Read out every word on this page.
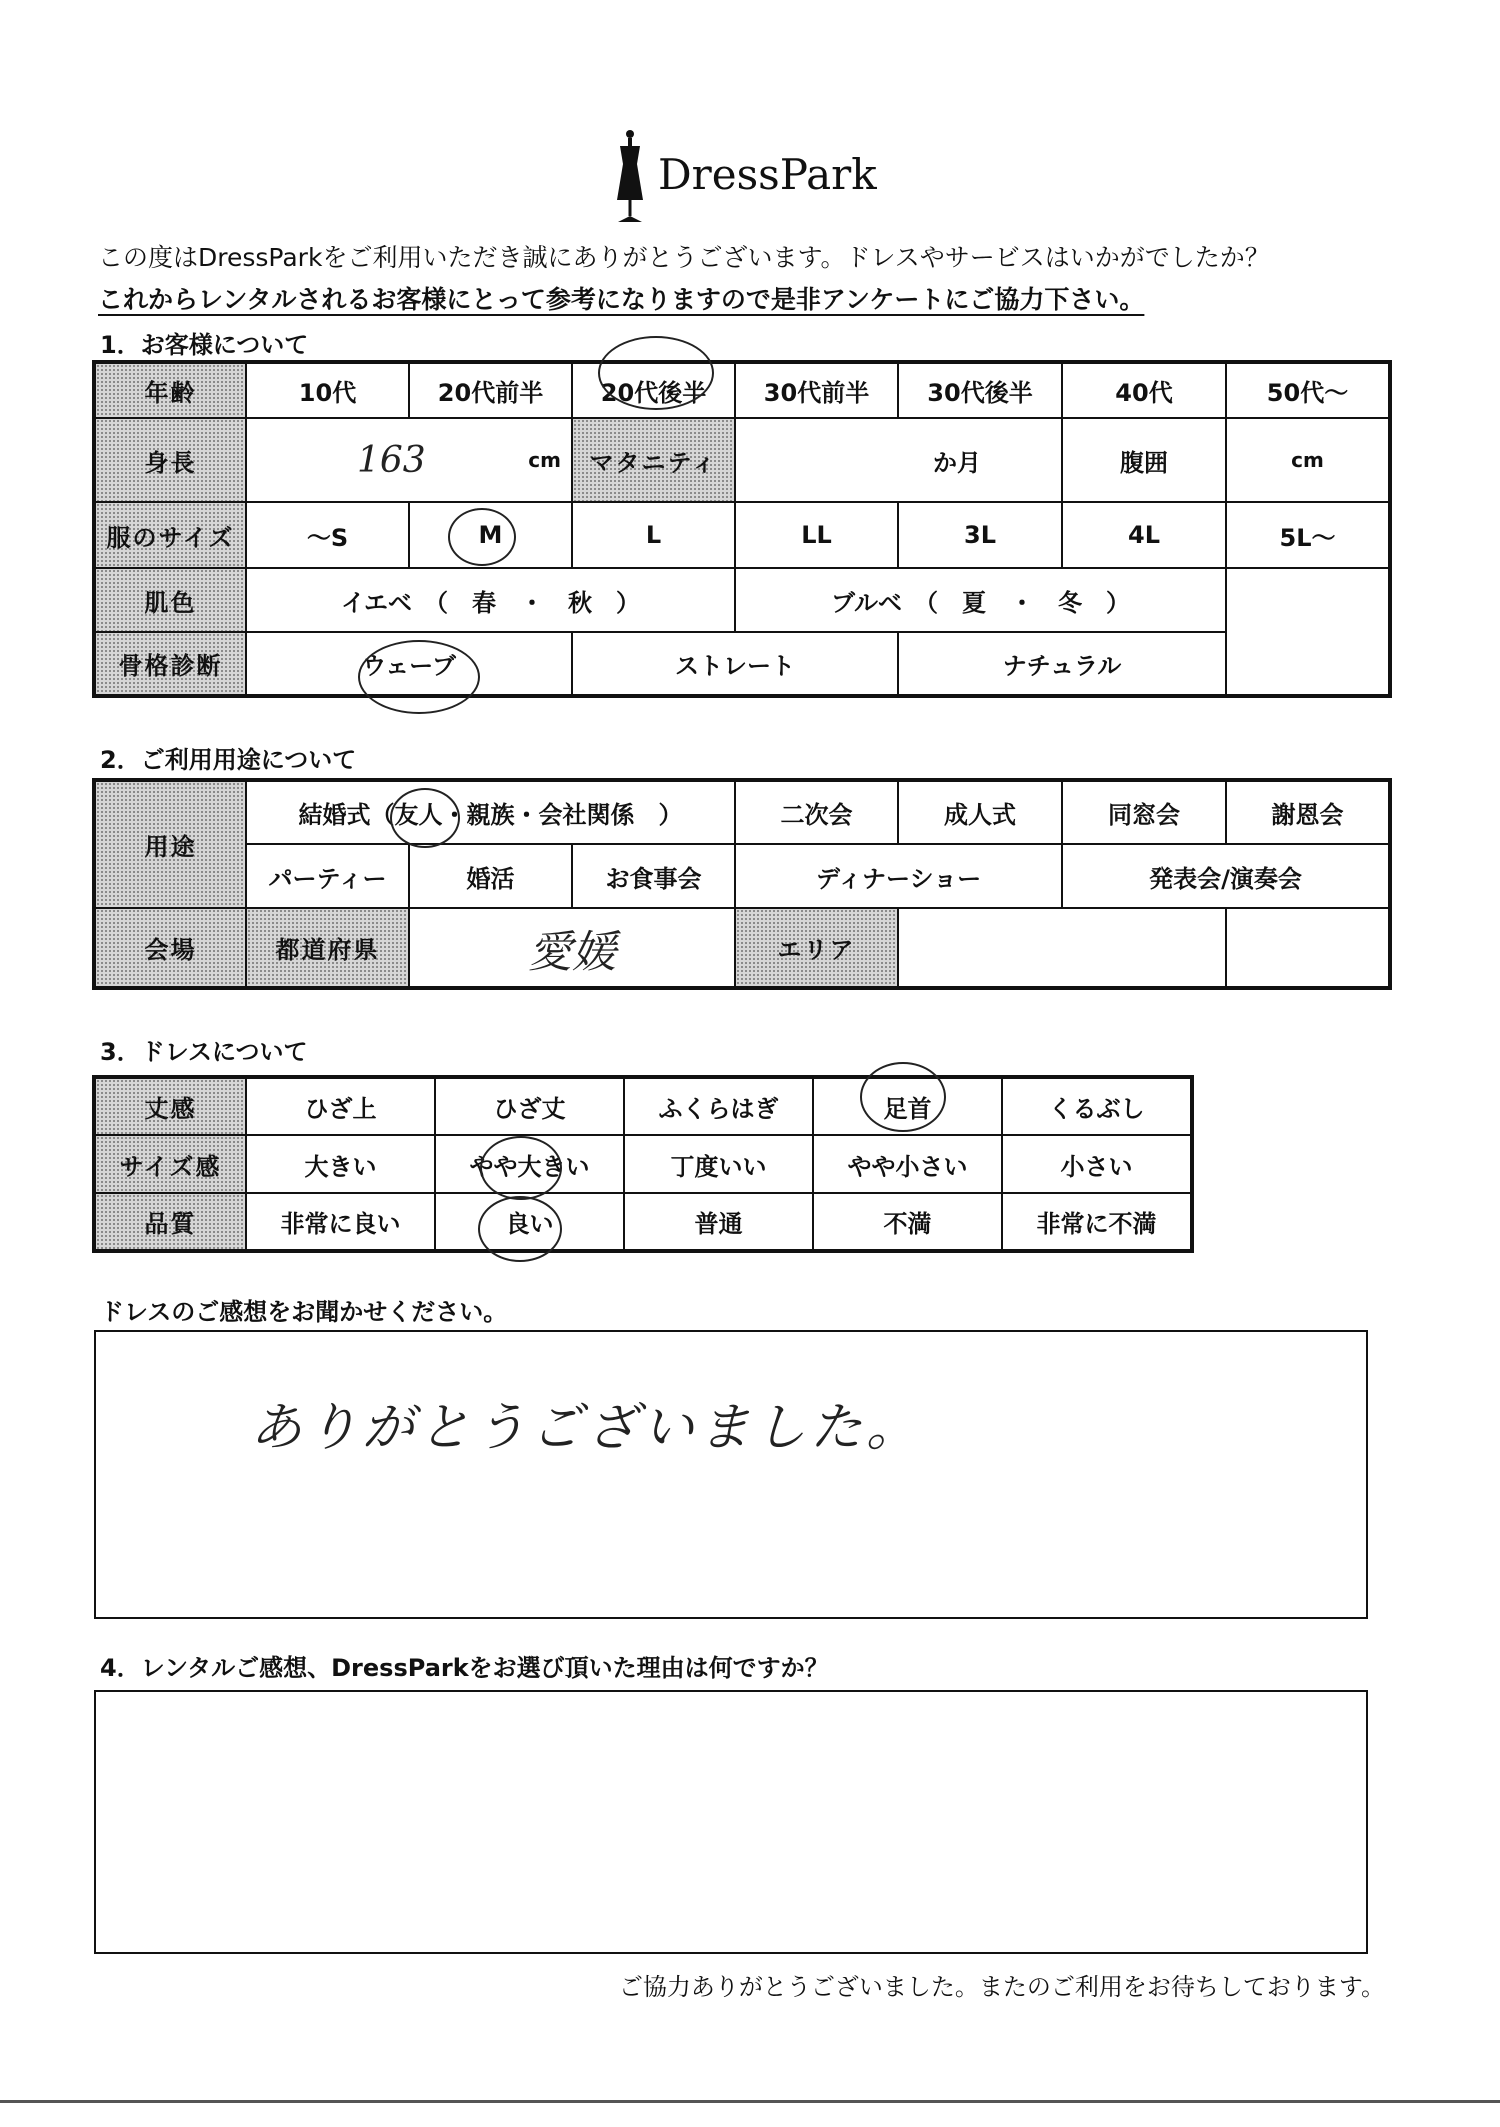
DressPark
この度はDressParkをご利用いただき誠にありがとうございます。ドレスやサービスはいかがでしたか？
これからレンタルされるお客様にとって参考になりますので是非アンケートにご協力下さい。
1．お客様について
年齢	10代	20代前半	20代後半	30代前半	30代後半	40代	50代～
身長	163 cm		マタニティ	か月		腹囲	cm
服のサイズ	～S	M	L	LL	3L	4L	5L～
肌色	イエベ　（　春　・　秋　）			ブルベ　（　夏　・　冬　）			
骨格診断	ウェーブ		ストレート		ナチュラル		
2．ご利用用途について
用途	結婚式（ 友人 ・親族・会社関係　）			二次会	成人式	同窓会	謝恩会
	パーティー	婚活	お食事会	ディナーショー		発表会/演奏会	
会場	都道府県	愛媛		エリア			
3．ドレスについて
丈感	ひざ上	ひざ丈	ふくらはぎ	足首	くるぶし
サイズ感	大きい	やや大きい	丁度いい	やや小さい	小さい
品質	非常に良い	良い	普通	不満	非常に不満
ドレスのご感想をお聞かせください。
ありがとうございました。
4．レンタルご感想、DressParkをお選び頂いた理由は何ですか？
ご協力ありがとうございました。またのご利用をお待ちしております。
